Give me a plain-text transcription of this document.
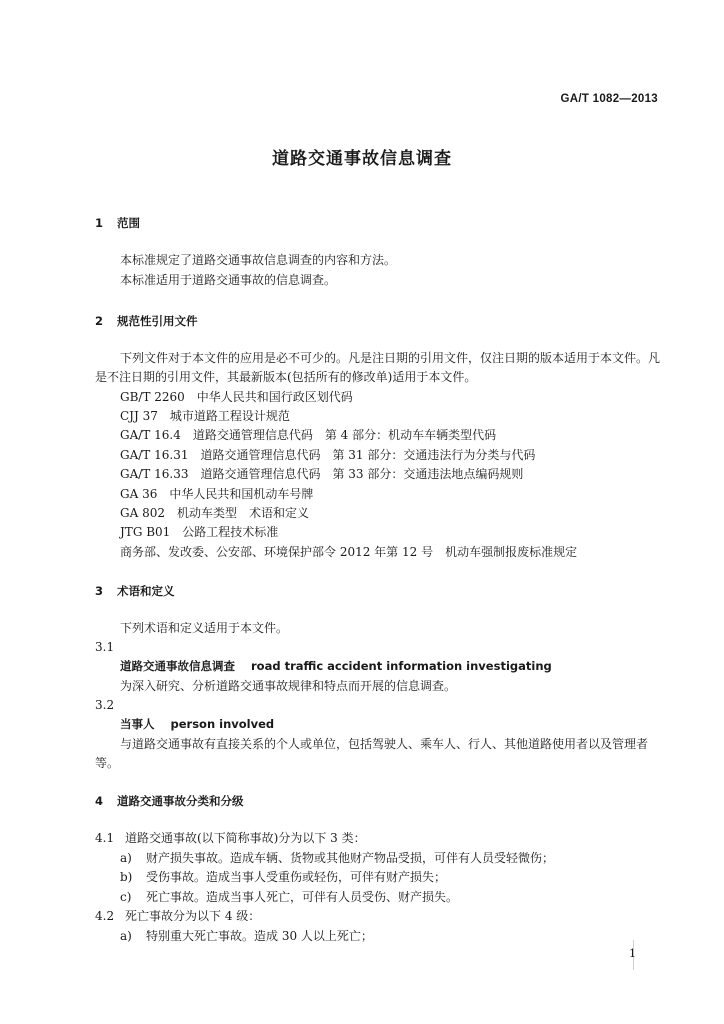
GA/T 1082—2013
道路交通事故信息调查
1 范围
本标准规定了道路交通事故信息调查的内容和方法。
本标准适用于道路交通事故的信息调查。
2 规范性引用文件
下列文件对于本文件的应用是必不可少的。凡是注日期的引用文件，仅注日期的版本适用于本文件。凡是不注日期的引用文件，其最新版本(包括所有的修改单)适用于本文件。
GB/T 2260　中华人民共和国行政区划代码
CJJ 37　城市道路工程设计规范
GA/T 16.4　道路交通管理信息代码　第 4 部分：机动车车辆类型代码
GA/T 16.31　道路交通管理信息代码　第 31 部分：交通违法行为分类与代码
GA/T 16.33　道路交通管理信息代码　第 33 部分：交通违法地点编码规则
GA 36　中华人民共和国机动车号牌
GA 802　机动车类型　术语和定义
JTG B01　公路工程技术标准
商务部、发改委、公安部、环境保护部令 2012 年第 12 号　机动车强制报废标准规定
3 术语和定义
下列术语和定义适用于本文件。
3.1
道路交通事故信息调查 road traffic accident information investigating
为深入研究、分析道路交通事故规律和特点而开展的信息调查。
3.2
当事人 person involved
与道路交通事故有直接关系的个人或单位，包括驾驶人、乘车人、行人、其他道路使用者以及管理者等。
4 道路交通事故分类和分级
4.1 道路交通事故(以下简称事故)分为以下 3 类：
a) 财产损失事故。造成车辆、货物或其他财产物品受损，可伴有人员受轻微伤；
b) 受伤事故。造成当事人受重伤或轻伤，可伴有财产损失；
c) 死亡事故。造成当事人死亡，可伴有人员受伤、财产损失。
4.2 死亡事故分为以下 4 级：
a) 特别重大死亡事故。造成 30 人以上死亡；
1
